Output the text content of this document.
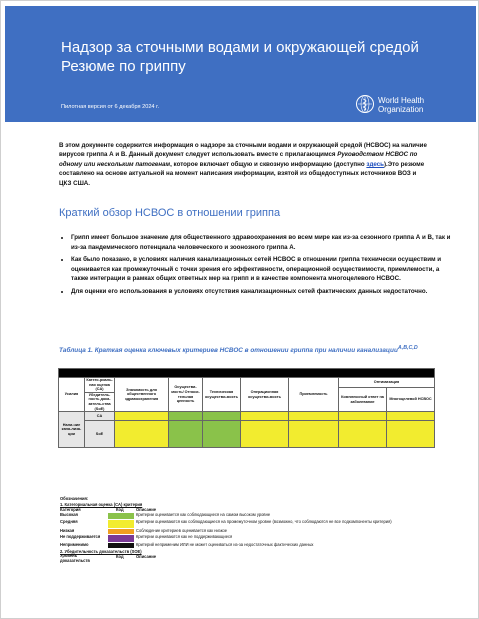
Надзор за сточными водами и окружающей средой
Резюме по гриппу
Пилотная версия от 6 декабря 2024 г.
World Health
Organization
В этом документе содержится информация о надзоре за сточными водами и окружающей средой (НСВОС) на наличие вирусов гриппа А и В. Данный документ следует использовать вместе с прилагающимся Руководством НСВОС по одному или нескольким патогенам, которое включает общую и сквозную информацию (доступно здесь).Это резюме составлено на основе актуальной на момент написания информации, взятой из общедоступных источников ВОЗ и ЦКЗ США.
Краткий обзор НСВОС в отношении гриппа
• Грипп имеет большое значение для общественного здравоохранения во всем мире как из-за сезонного гриппа А и В, так и из-за пандемического потенциала человеческого и зоонозного гриппа А.
• Как было показано, в условиях наличия канализационных сетей НСВОС в отношении гриппа технически осуществим и оценивается как промежуточный с точки зрения его эффективности, операционной осуществимости, приемлемости, а также интеграции в рамках общих ответных мер на грипп и в качестве компонента многоцелевого НСВОС.
• Для оценки его использования в условиях отсутствия канализационных сетей фактических данных недостаточно.
Таблица 1. Краткая оценка ключевых критериев НСВОС в отношении гриппа при наличии канализации$^{A,B,C,D}$

Усилия	Катего-риаль-ная оценка (CA)	Значимость для общественного здравоохранения	Осуществи-мость/ Относи-тельная ценность	Техническая осуществи-мость	Операционная осуществи-мость	Приемлемость	Оптимизация	
							Комплексный ответ на заболевание	Многоцелевой НСВОС
	Убедитель-ность дока-затель-ства (SoE)							
Нали-чие кана-лиза-ции	CA							
	SoE							
Обозначения:
1. Категориальная оценка (CA) критерия
Категория	Код	Описание
Высокая	Критерии оценивается как соблюдающиеся на самом высоком уровне
Средняя	Критерии оцениваются как соблюдающиеся на промежуточном уровне (возможно, что соблюдаются не все подкомпоненты критерия)
Низкая	Соблюдение критериев оценивается как низкое
Не поддерживается	Критерии оцениваются как не поддерживающиеся
Неприменимо	Критерий неприменим ИЛИ не может оцениваться из-за недостаточных фактических данных
2. Убедительность доказательств (SOE)
Уровень доказательств
Код	Описание
